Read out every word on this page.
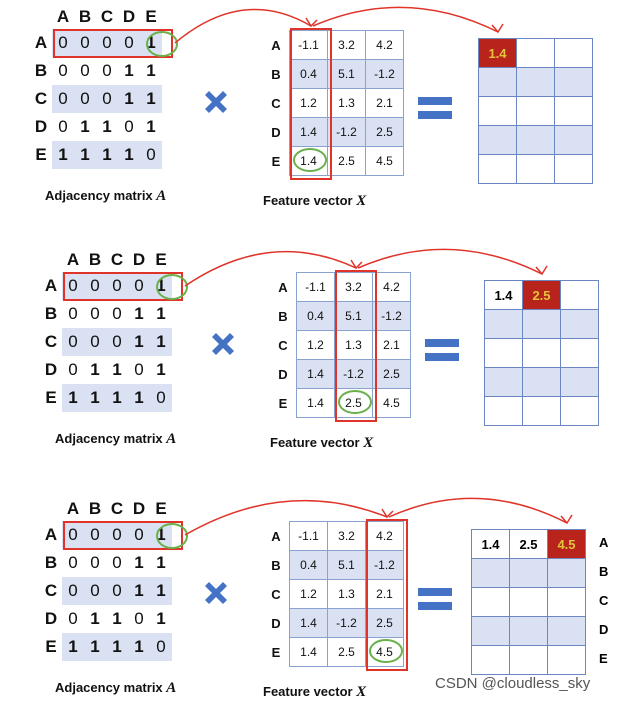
	A	B	C	D	E
A	0	0	0	0	1
B	0	0	0	1	1
C	0	0	0	1	1
D	0	1	1	0	1
E	1	1	1	1	0
Adjacency matrix A
A	-1.1	3.2	4.2
B	0.4	5.1	-1.2
C	1.2	1.3	2.1
D	1.4	-1.2	2.5
E	1.4	2.5	4.5
Feature vector X
1.4		

	A	B	C	D	E
A	0	0	0	0	1
B	0	0	0	1	1
C	0	0	0	1	1
D	0	1	1	0	1
E	1	1	1	1	0
Adjacency matrix A
A	-1.1	3.2	4.2
B	0.4	5.1	-1.2
C	1.2	1.3	2.1
D	1.4	-1.2	2.5
E	1.4	2.5	4.5
Feature vector X
1.4	2.5	

	A	B	C	D	E
A	0	0	0	0	1
B	0	0	0	1	1
C	0	0	0	1	1
D	0	1	1	0	1
E	1	1	1	1	0
Adjacency matrix A
A	-1.1	3.2	4.2
B	0.4	5.1	-1.2
C	1.2	1.3	2.1
D	1.4	-1.2	2.5
E	1.4	2.5	4.5
Feature vector X
1.4	2.5	4.5

		A
B
C
D
E
CSDN @cloudless_sky
